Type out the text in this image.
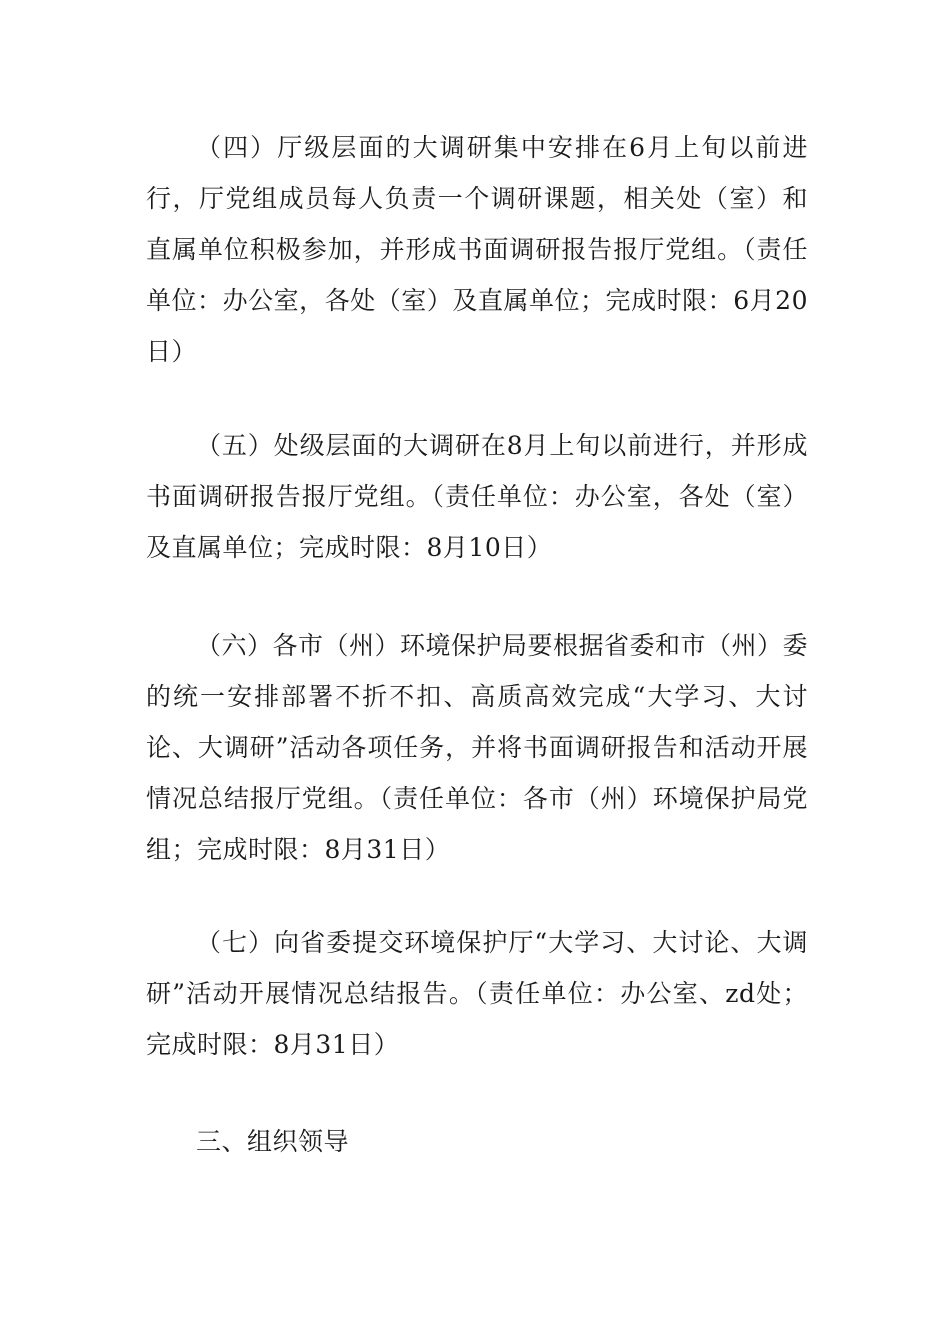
（四）厅级层面的大调研集中安排在6月上旬以前进行，厅党组成员每人负责一个调研课题，相关处（室）和直属单位积极参加，并形成书面调研报告报厅党组。（责任单位：办公室，各处（室）及直属单位；完成时限：6月20日）

（五）处级层面的大调研在8月上旬以前进行，并形成书面调研报告报厅党组。（责任单位：办公室，各处（室）及直属单位；完成时限：8月10日）

（六）各市（州）环境保护局要根据省委和市（州）委的统一安排部署不折不扣、高质高效完成“大学习、大讨论、大调研”活动各项任务，并将书面调研报告和活动开展情况总结报厅党组。（责任单位：各市（州）环境保护局党组；完成时限：8月31日）

（七）向省委提交环境保护厅“大学习、大讨论、大调研”活动开展情况总结报告。（责任单位：办公室、zd处；完成时限：8月31日）

三、组织领导
